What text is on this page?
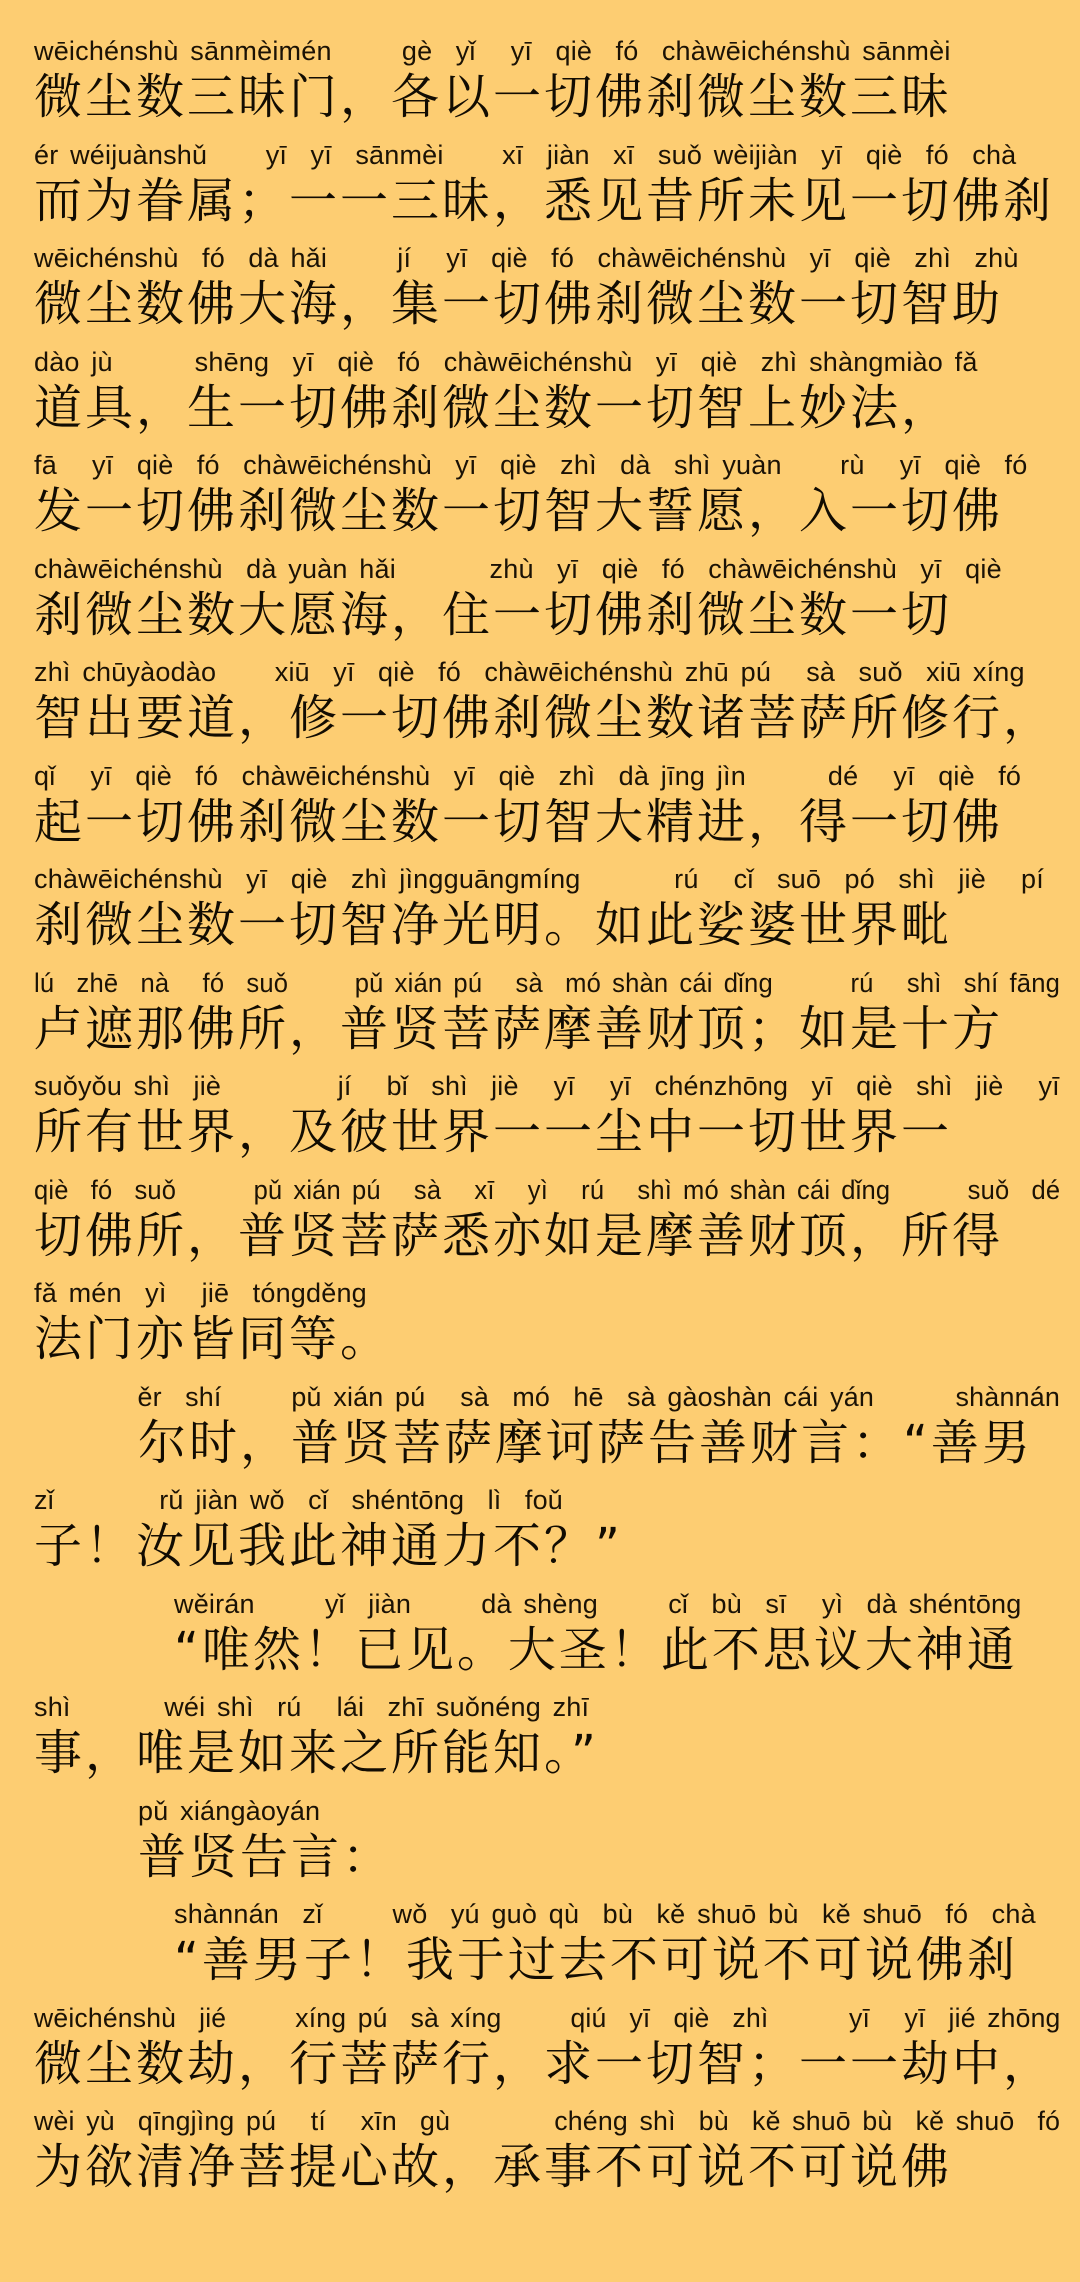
wēichénshù sānmèimén      gè  yǐ   yī  qiè  fó  chàwēichénshù sānmèi
微尘数三昧门，各以一切佛刹微尘数三昧
ér wéijuànshǔ     yī  yī  sānmèi     xī  jiàn  xī  suǒ wèijiàn  yī  qiè  fó  chà
而为眷属；一一三昧，悉见昔所未见一切佛刹
wēichénshù  fó  dà hǎi      jí   yī  qiè  fó  chàwēichénshù  yī  qiè  zhì  zhù
微尘数佛大海，集一切佛刹微尘数一切智助
dào jù       shēng  yī  qiè  fó  chàwēichénshù  yī  qiè  zhì shàngmiào fǎ
道具，生一切佛刹微尘数一切智上妙法，
fā   yī  qiè  fó  chàwēichénshù  yī  qiè  zhì  dà  shì yuàn     rù   yī  qiè  fó
发一切佛刹微尘数一切智大誓愿，入一切佛
chàwēichénshù  dà yuàn hǎi        zhù  yī  qiè  fó  chàwēichénshù  yī  qiè
刹微尘数大愿海，住一切佛刹微尘数一切
zhì chūyàodào     xiū  yī  qiè  fó  chàwēichénshù zhū pú   sà  suǒ  xiū xíng
智出要道，修一切佛刹微尘数诸菩萨所修行，
qǐ   yī  qiè  fó  chàwēichénshù  yī  qiè  zhì  dà jīng jìn       dé   yī  qiè  fó
起一切佛刹微尘数一切智大精进，得一切佛
chàwēichénshù  yī  qiè  zhì jìngguāngmíng        rú   cǐ  suō  pó  shì  jiè   pí
刹微尘数一切智净光明。如此娑婆世界毗
lú  zhē  nà   fó  suǒ      pǔ xián pú   sà  mó shàn cái dǐng       rú   shì  shí fāng
卢遮那佛所，普贤菩萨摩善财顶；如是十方
suǒyǒu shì  jiè          jí   bǐ  shì  jiè   yī   yī  chénzhōng  yī  qiè  shì  jiè   yī
所有世界，及彼世界一一尘中一切世界一
qiè  fó  suǒ       pǔ xián pú   sà   xī   yì   rú   shì mó shàn cái dǐng       suǒ  dé
切佛所，普贤菩萨悉亦如是摩善财顶，所得
fǎ mén  yì   jiē  tóngděng
法门亦皆同等。
ěr  shí      pǔ xián pú   sà  mó  hē  sà gàoshàn cái yán       shànnán
尔时，普贤菩萨摩诃萨告善财言：“善男
zǐ         rǔ jiàn wǒ  cǐ  shéntōng  lì  foǔ
子！汝见我此神通力不？”
wěirán      yǐ  jiàn      dà shèng      cǐ  bù  sī   yì  dà shéntōng
“唯然！已见。大圣！此不思议大神通
shì        wéi shì  rú   lái  zhī suǒnéng zhī
事，唯是如来之所能知。”
pǔ xiángàoyán
普贤告言：
shànnán  zǐ      wǒ  yú guò qù  bù  kě shuō bù  kě shuō  fó  chà
“善男子！我于过去不可说不可说佛刹
wēichénshù  jié      xíng pú  sà xíng      qiú  yī  qiè  zhì       yī   yī  jié zhōng
微尘数劫，行菩萨行，求一切智；一一劫中，
wèi yù  qīngjìng pú   tí   xīn  gù         chéng shì  bù  kě shuō bù  kě shuō  fó
为欲清净菩提心故，承事不可说不可说佛
